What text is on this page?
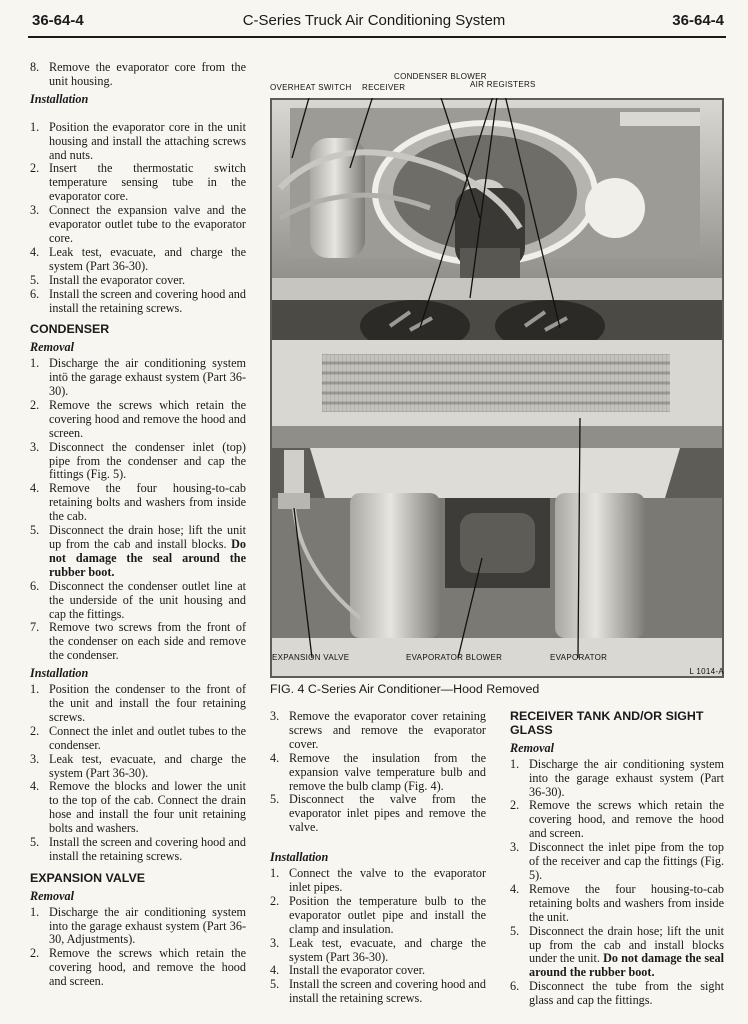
36-64-4	C-Series Truck Air Conditioning System	36-64-4
8. Remove the evaporator core from the unit housing.
Installation
1. Position the evaporator core in the unit housing and install the attaching screws and nuts.
2. Insert the thermostatic switch temperature sensing tube in the evaporator core.
3. Connect the expansion valve and the evaporator outlet tube to the evaporator core.
4. Leak test, evacuate, and charge the system (Part 36-30).
5. Install the evaporator cover.
6. Install the screen and covering hood and install the retaining screws.
CONDENSER
Removal
1. Discharge the air conditioning system intö the garage exhaust system (Part 36-30).
2. Remove the screws which retain the covering hood and remove the hood and screen.
3. Disconnect the condenser inlet (top) pipe from the condenser and cap the fittings (Fig. 5).
4. Remove the four housing-to-cab retaining bolts and washers from inside the cab.
5. Disconnect the drain hose; lift the unit up from the cab and install blocks. Do not damage the seal around the rubber boot.
6. Disconnect the condenser outlet line at the underside of the unit housing and cap the fittings.
7. Remove two screws from the front of the condenser on each side and remove the condenser.
Installation
1. Position the condenser to the front of the unit and install the four retaining screws.
2. Connect the inlet and outlet tubes to the condenser.
3. Leak test, evacuate, and charge the system (Part 36-30).
4. Remove the blocks and lower the unit to the top of the cab. Connect the drain hose and install the four unit retaining bolts and washers.
5. Install the screen and covering hood and install the retaining screws.
EXPANSION VALVE
Removal
1. Discharge the air conditioning system into the garage exhaust system (Part 36-30, Adjustments).
2. Remove the screws which retain the covering hood, and remove the hood and screen.
CONDENSER BLOWER
OVERHEAT SWITCH RECEIVER	AIR REGISTERS
EXPANSION VALVE	EVAPORATOR BLOWER	EVAPORATOR
L 1014-A
FIG. 4 C-Series Air Conditioner—Hood Removed
3. Remove the evaporator cover retaining screws and remove the evaporator cover.
4. Remove the insulation from the expansion valve temperature bulb and remove the bulb clamp (Fig. 4).
5. Disconnect the valve from the evaporator inlet pipes and remove the valve.
Installation
1. Connect the valve to the evaporator inlet pipes.
2. Position the temperature bulb to the evaporator outlet pipe and install the clamp and insulation.
3. Leak test, evacuate, and charge the system (Part 36-30).
4. Install the evaporator cover.
5. Install the screen and covering hood and install the retaining screws.
RECEIVER TANK AND/OR SIGHT GLASS
Removal
1. Discharge the air conditioning system into the garage exhaust system (Part 36-30).
2. Remove the screws which retain the covering hood, and remove the hood and screen.
3. Disconnect the inlet pipe from the top of the receiver and cap the fittings (Fig. 5).
4. Remove the four housing-to-cab retaining bolts and washers from inside the unit.
5. Disconnect the drain hose; lift the unit up from the cab and install blocks under the unit. Do not damage the seal around the rubber boot.
6. Disconnect the tube from the sight glass and cap the fittings.
